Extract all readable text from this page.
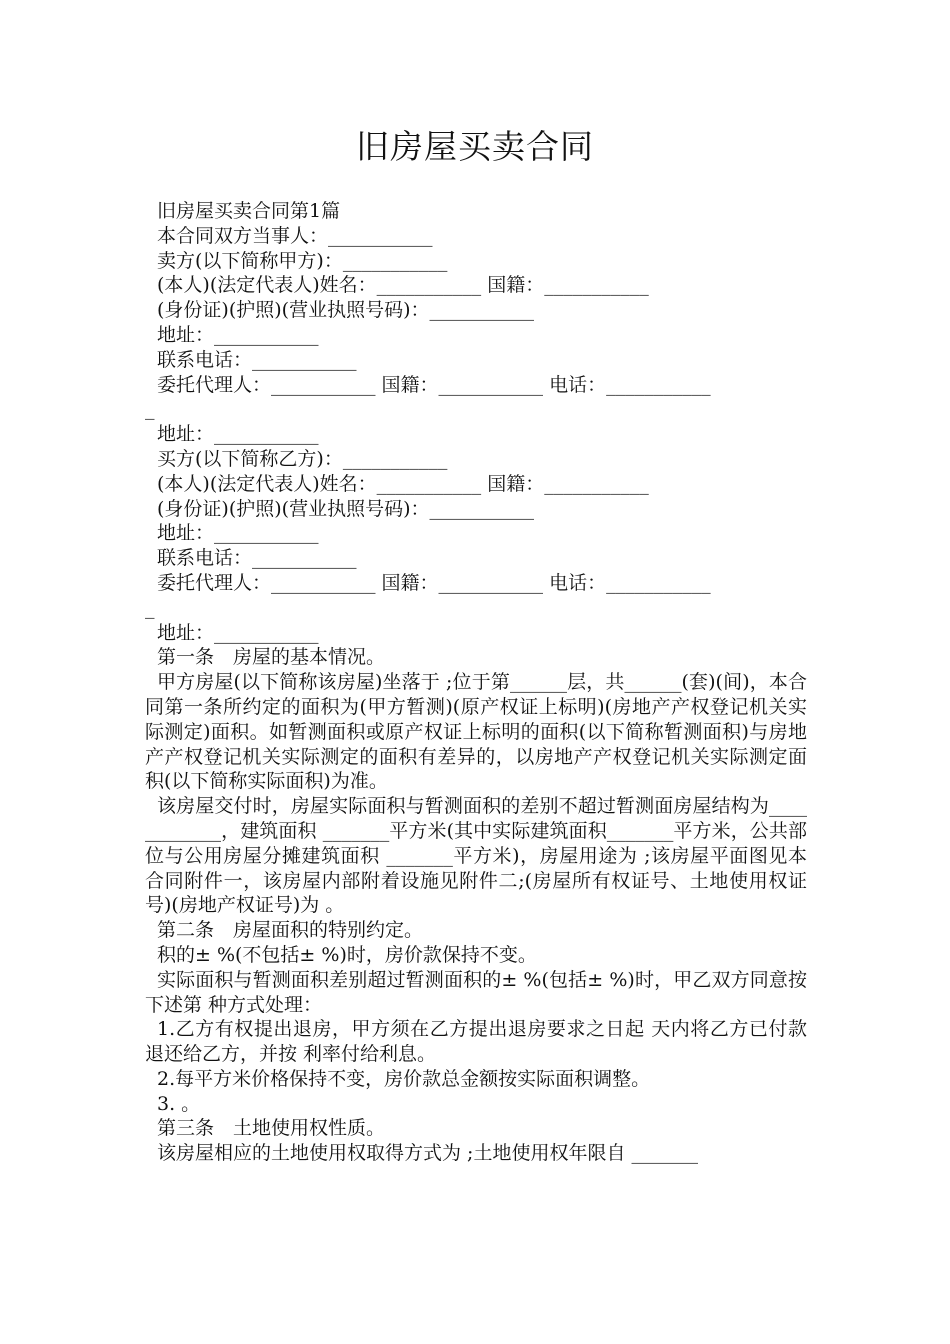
旧房屋买卖合同
旧房屋买卖合同第1篇
本合同双方当事人：___________
卖方(以下简称甲方)：___________
(本人)(法定代表人)姓名：___________ 国籍：___________
(身份证)(护照)(营业执照号码)：___________
地址：___________
联系电话：___________
委托代理人：___________ 国籍：___________ 电话：___________
_
地址：___________
买方(以下简称乙方)：___________
(本人)(法定代表人)姓名：___________ 国籍：___________
(身份证)(护照)(营业执照号码)：___________
地址：___________
联系电话：___________
委托代理人：___________ 国籍：___________ 电话：___________
_
地址：___________
第一条　房屋的基本情况。
甲方房屋(以下简称该房屋)坐落于 ;位于第______层，共______(套)(间)，本合同第一条所约定的面积为(甲方暂测)(原产权证上标明)(房地产产权登记机关实际测定)面积。如暂测面积或原产权证上标明的面积(以下简称暂测面积)与房地产产权登记机关实际测定的面积有差异的，以房地产产权登记机关实际测定面积(以下简称实际面积)为准。
该房屋交付时，房屋实际面积与暂测面积的差别不超过暂测面房屋结构为____________，建筑面积 _______平方米(其中实际建筑面积_______平方米，公共部位与公用房屋分摊建筑面积 _______平方米)，房屋用途为 ;该房屋平面图见本合同附件一，该房屋内部附着设施见附件二;(房屋所有权证号、土地使用权证号)(房地产权证号)为 。
第二条　房屋面积的特别约定。
积的± %(不包括± %)时，房价款保持不变。
实际面积与暂测面积差别超过暂测面积的± %(包括± %)时，甲乙双方同意按下述第 种方式处理：
1.乙方有权提出退房，甲方须在乙方提出退房要求之日起 天内将乙方已付款退还给乙方，并按 利率付给利息。
2.每平方米价格保持不变，房价款总金额按实际面积调整。
3. 。
第三条　土地使用权性质。
该房屋相应的土地使用权取得方式为 ;土地使用权年限自 _______
